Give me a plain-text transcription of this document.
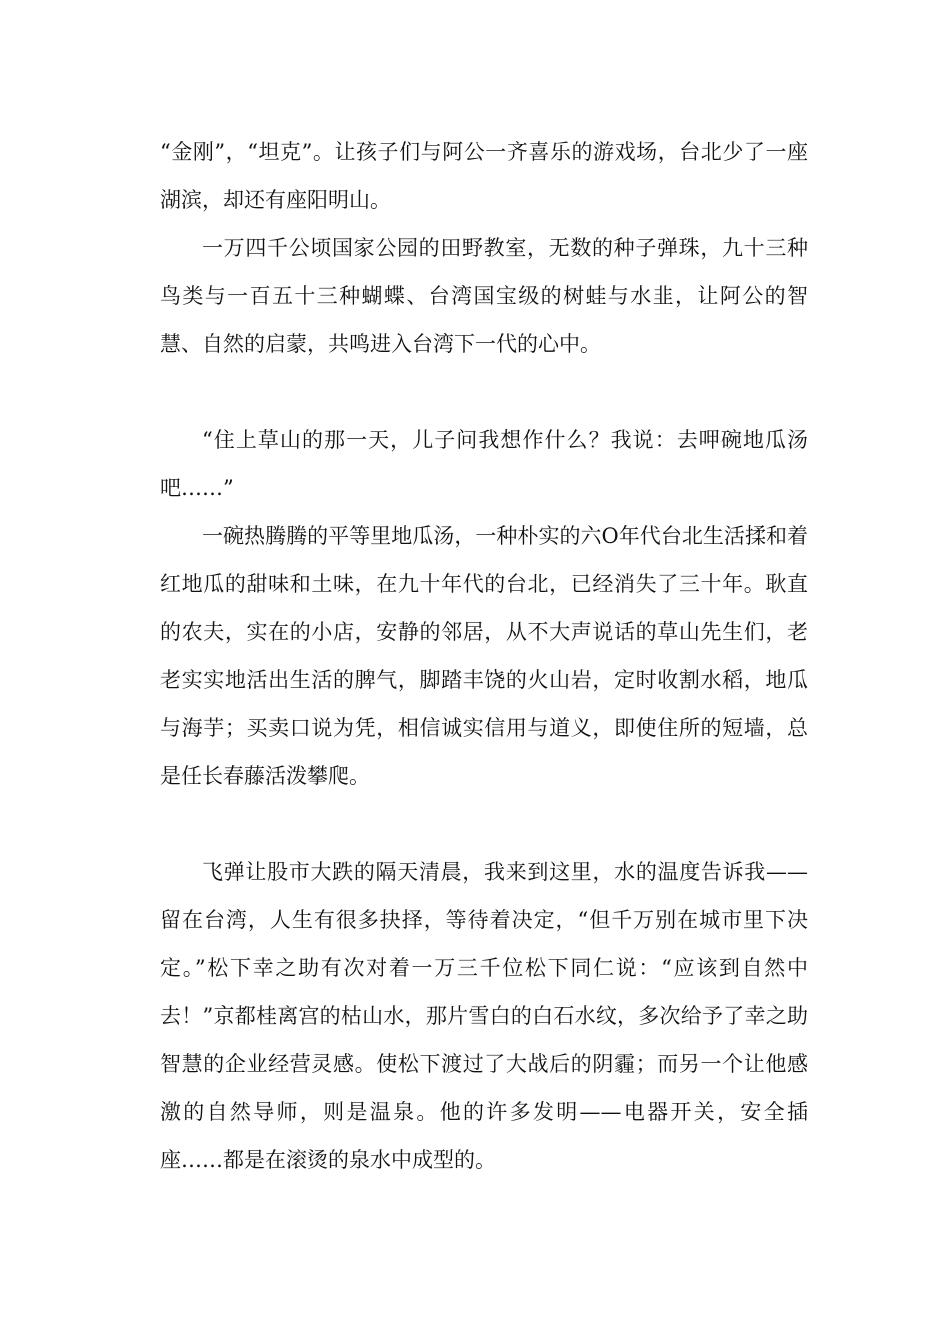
“金刚”，“坦克”。让孩子们与阿公一齐喜乐的游戏场，台北少了一座湖滨，却还有座阳明山。

一万四千公顷国家公园的田野教室，无数的种子弹珠，九十三种鸟类与一百五十三种蝴蝶、台湾国宝级的树蛙与水韭，让阿公的智慧、自然的启蒙，共鸣进入台湾下一代的心中。

“住上草山的那一天，儿子问我想作什么？我说：去呷碗地瓜汤吧……”

一碗热腾腾的平等里地瓜汤，一种朴实的六O年代台北生活揉和着红地瓜的甜味和土味，在九十年代的台北，已经消失了三十年。耿直的农夫，实在的小店，安静的邻居，从不大声说话的草山先生们，老老实实地活出生活的脾气，脚踏丰饶的火山岩，定时收割水稻，地瓜与海芋；买卖口说为凭，相信诚实信用与道义，即使住所的短墙，总是任长春藤活泼攀爬。

飞弹让股市大跌的隔天清晨，我来到这里，水的温度告诉我——留在台湾，人生有很多抉择，等待着决定，“但千万别在城市里下决定。”松下幸之助有次对着一万三千位松下同仁说：“应该到自然中去！”京都桂离宫的枯山水，那片雪白的白石水纹，多次给予了幸之助智慧的企业经营灵感。使松下渡过了大战后的阴霾；而另一个让他感激的自然导师，则是温泉。他的许多发明——电器开关，安全插座……都是在滚烫的泉水中成型的。
